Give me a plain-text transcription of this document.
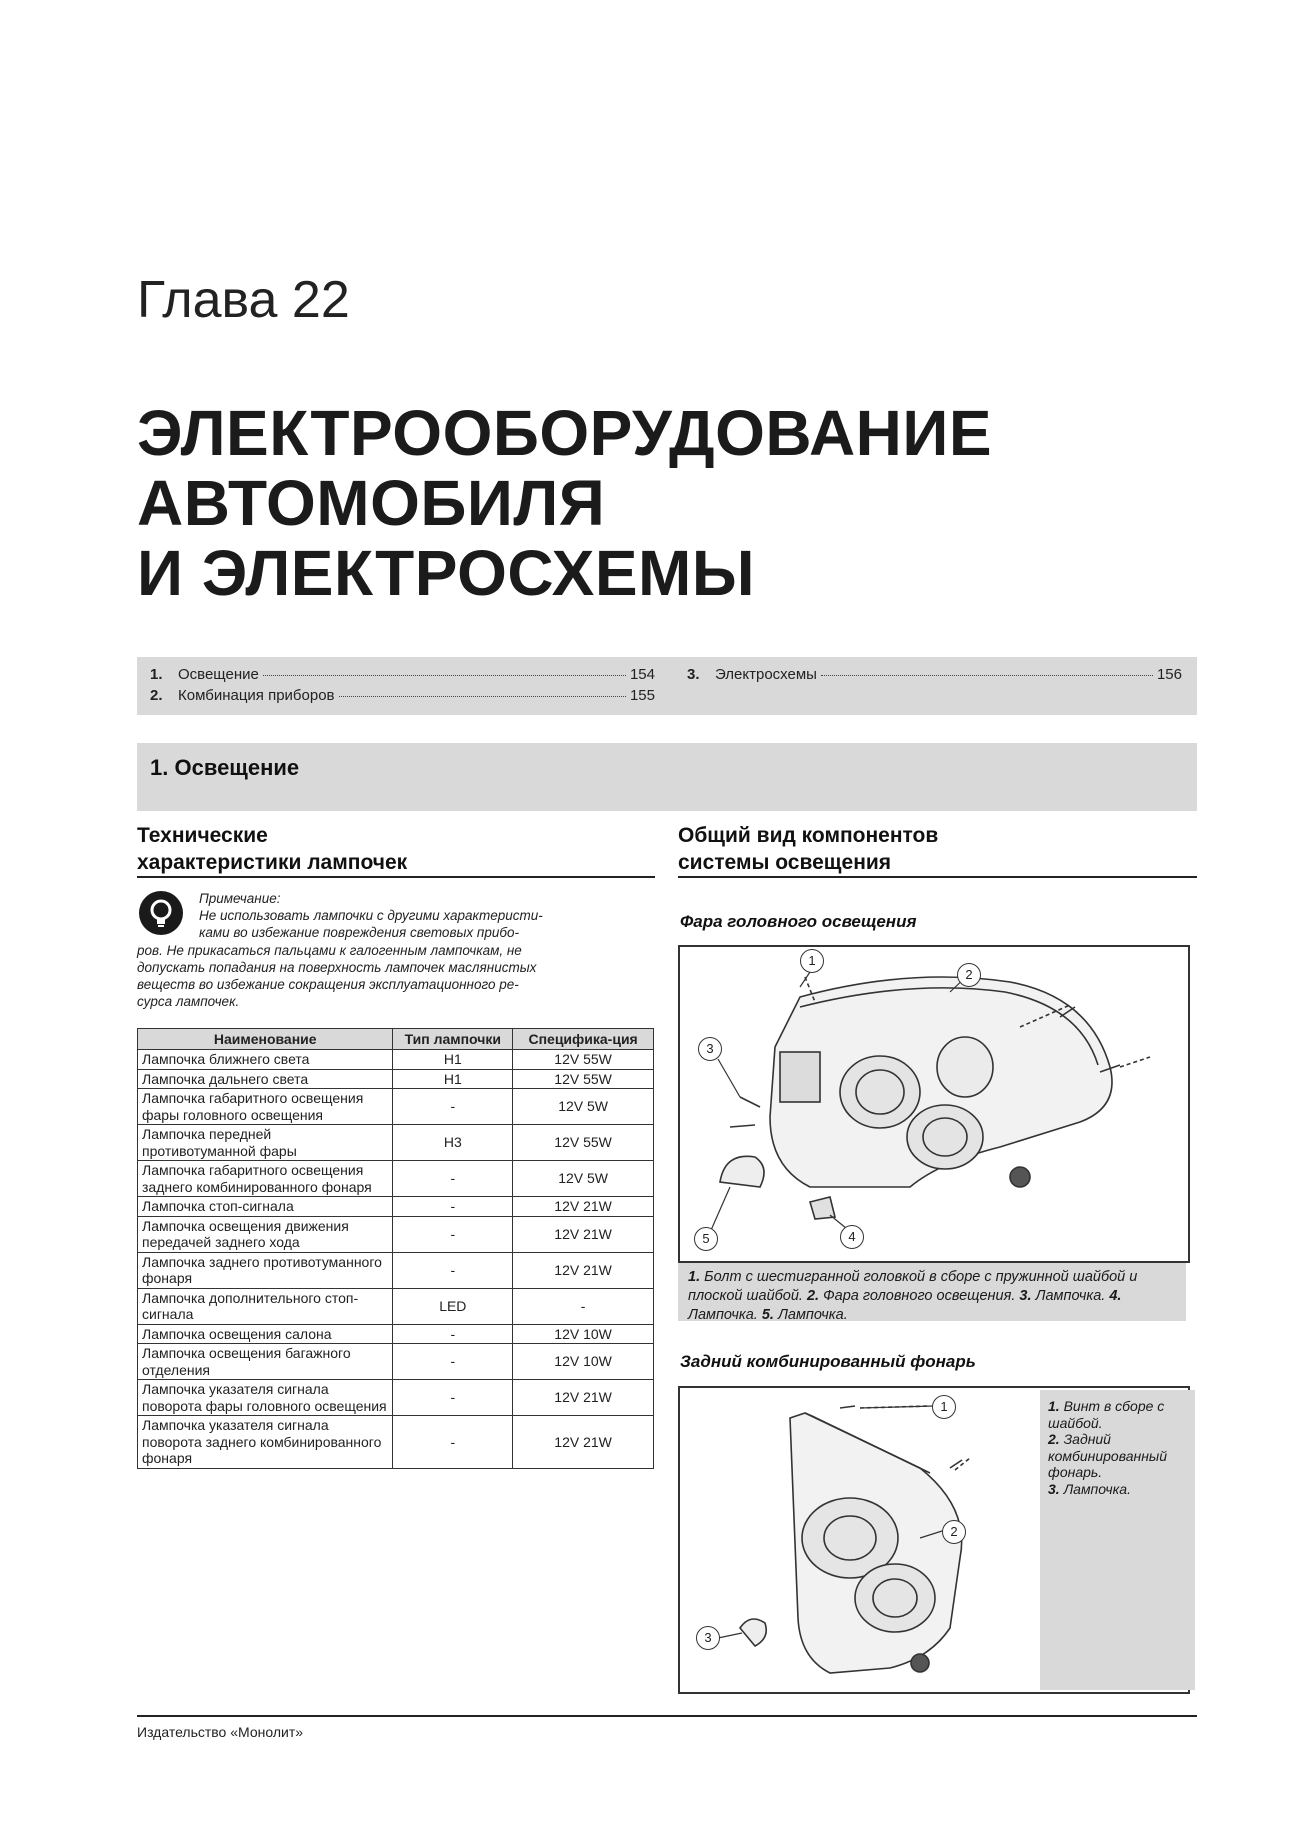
Глава 22
ЭЛЕКТРООБОРУДОВАНИЕ
АВТОМОБИЛЯ
И ЭЛЕКТРОСХЕМЫ
1.	Освещение	154
2.	Комбинация приборов	155
3.	Электросхемы	156
1. Освещение
Технические
характеристики лампочек
Примечание:
Не использовать лампочки с другими характеристи-
ками во избежание повреждения световых прибо-
ров. Не прикасаться пальцами к галогенным лампочкам, не
допускать попадания на поверхность лампочек маслянистых
веществ во избежание сокращения эксплуатационного ре-
сурса лампочек.
Наименование	Тип лампочки	Специфика-ция
Лампочка ближнего света	H1	12V 55W
Лампочка дальнего света	H1	12V 55W
Лампочка габаритного освещения фары головного освещения	-	12V 5W
Лампочка передней противотуманной фары	H3	12V 55W
Лампочка габаритного освещения заднего комбинированного фонаря	-	12V 5W
Лампочка стоп-сигнала	-	12V 21W
Лампочка освещения движения передачей заднего хода	-	12V 21W
Лампочка заднего противотуманного фонаря	-	12V 21W
Лампочка дополнительного стоп-сигнала	LED	-
Лампочка освещения салона	-	12V 10W
Лампочка освещения багажного отделения	-	12V 10W
Лампочка указателя сигнала поворота фары головного освещения	-	12V 21W
Лампочка указателя сигнала поворота заднего комбинированного фонаря	-	12V 21W
Общий вид компонентов
системы освещения
Фара головного освещения
1
2
3
4
5
1. Болт с шестигранной головкой в сборе с пружинной шайбой и плоской шайбой. 2. Фара головного освещения. 3. Лампочка. 4. Лампочка. 5. Лампочка.
Задний комбинированный фонарь
1
2
3
1. Винт в сборе с шайбой.
2. Задний комбинированный фонарь.
3. Лампочка.
Издательство «Монолит»
